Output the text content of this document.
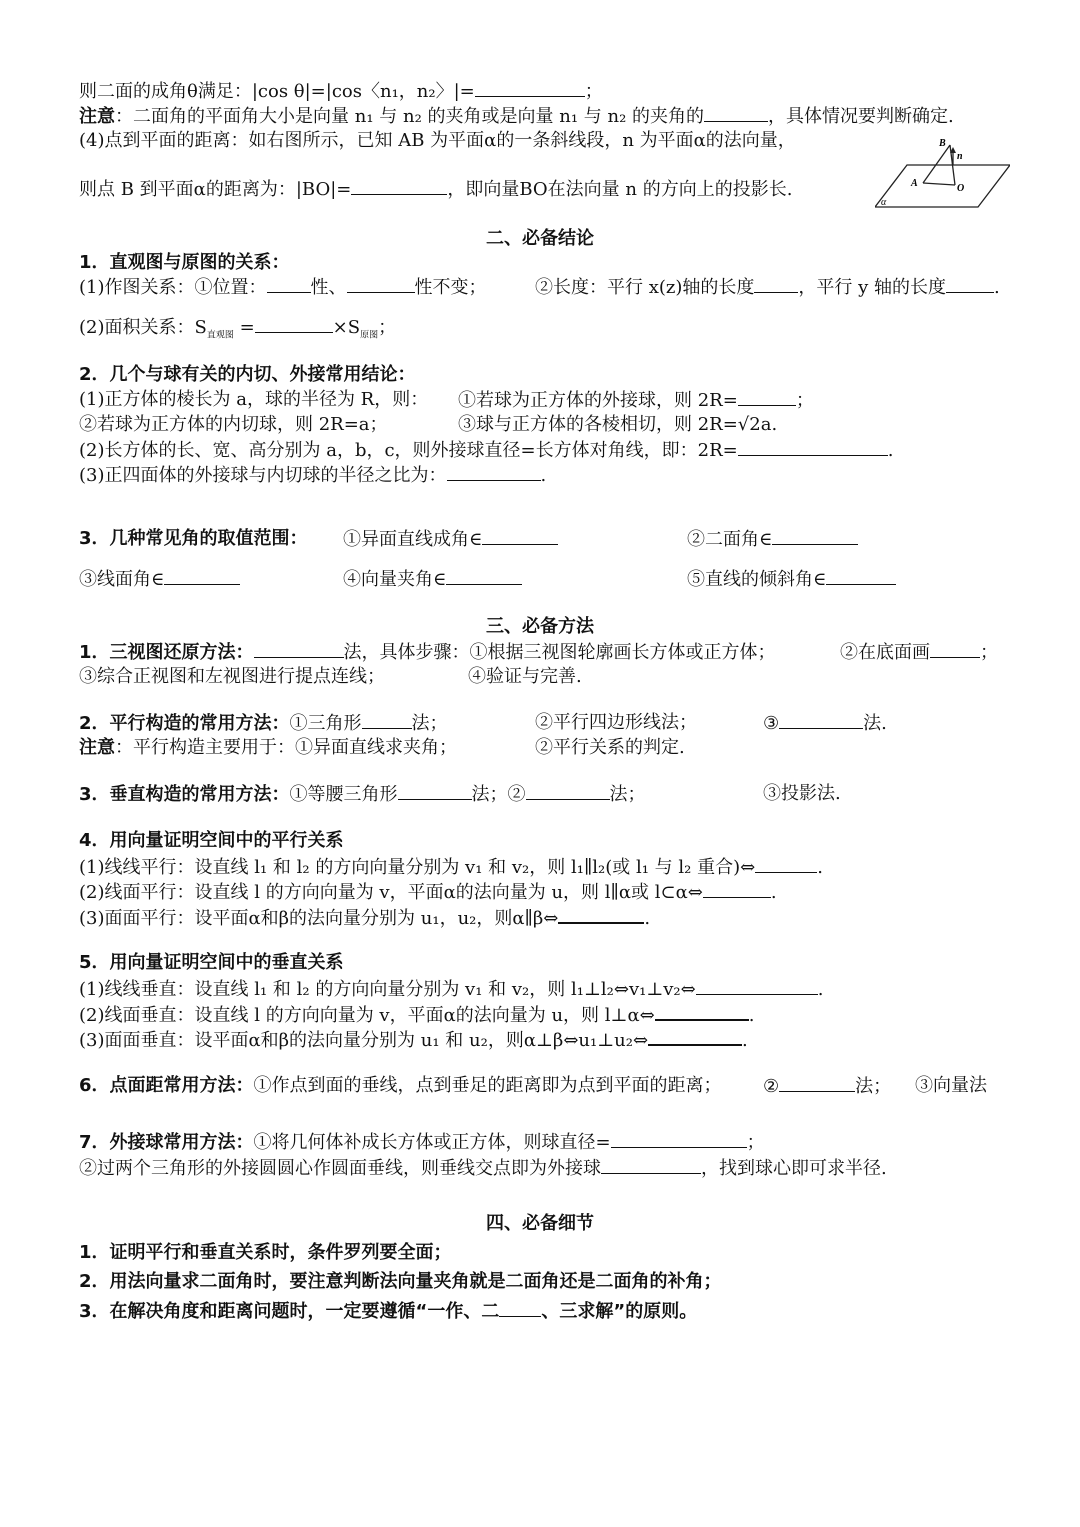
则二面的成角θ满足：|cos θ|=|cos〈n₁，n₂〉|=	；
注意：二面角的平面角大小是向量 n₁ 与 n₂ 的夹角或是向量 n₁ 与 n₂ 的夹角的	，具体情况要判断确定.
(4)点到平面的距离：如右图所示，已知 AB 为平面α的一条斜线段，n 为平面α的法向量，
则点 B 到平面α的距离为：|BO|=	，即向量BO在法向量 n 的方向上的投影长.
B
n
A	O
α
二、必备结论
1．直观图与原图的关系：
(1)作图关系：①位置： 性、	性不变；	②长度：平行 x(z)轴的长度 ，平行 y 轴的长度	.
(2)面积关系：$S_{直观图}$ =	$\times S_{原图}$；
2．几个与球有关的内切、外接常用结论：
(1)正方体的棱长为 a，球的半径为 R，则： ①若球为正方体的外接球，则 2R=	；
②若球为正方体的内切球，则 2R=a；	③球与正方体的各棱相切，则 2R=√2a.
(2)长方体的长、宽、高分别为 a，b，c，则外接球直径=长方体对角线，即：2R=	.
(3)正四面体的外接球与内切球的半径之比为：	.
3．几种常见角的取值范围： ①异面直线成角∈	②二面角∈
③线面角∈	④向量夹角∈	⑤直线的倾斜角∈
三、必备方法
1．三视图还原方法：	法，具体步骤：①根据三视图轮廓画长方体或正方体；	②在底面画	；
③综合正视图和左视图进行提点连线；	④验证与完善.
2．平行构造的常用方法：①三角形	法；	②平行四边形线法；	③	法.
注意：平行构造主要用于：①异面直线求夹角；	②平行关系的判定.
3．垂直构造的常用方法：①等腰三角形	法；②	法；	③投影法.
4．用向量证明空间中的平行关系
(1)线线平行：设直线 l₁ 和 l₂ 的方向向量分别为 v₁ 和 v₂，则 l₁∥l₂(或 l₁ 与 l₂ 重合)⇔	.
(2)线面平行：设直线 l 的方向向量为 v，平面α的法向量为 u，则 l∥α或 l⊂α⇔	.
(3)面面平行：设平面α和β的法向量分别为 u₁，u₂，则α∥β⇔	.
5．用向量证明空间中的垂直关系
(1)线线垂直：设直线 l₁ 和 l₂ 的方向向量分别为 v₁ 和 v₂，则 l₁⊥l₂⇔v₁⊥v₂⇔	.
(2)线面垂直：设直线 l 的方向向量为 v，平面α的法向量为 u，则 l⊥α⇔	.
(3)面面垂直：设平面α和β的法向量分别为 u₁ 和 u₂，则α⊥β⇔u₁⊥u₂⇔	.
6．点面距常用方法：①作点到面的垂线，点到垂足的距离即为点到平面的距离； ②	法； ③向量法
7．外接球常用方法：①将几何体补成长方体或正方体，则球直径=	；
②过两个三角形的外接圆圆心作圆面垂线，则垂线交点即为外接球	，找到球心即可求半径.
四、必备细节
1．证明平行和垂直关系时，条件罗列要全面；
2．用法向量求二面角时，要注意判断法向量夹角就是二面角还是二面角的补角；
3．在解决角度和距离问题时，一定要遵循“一作、二 、三求解”的原则。
